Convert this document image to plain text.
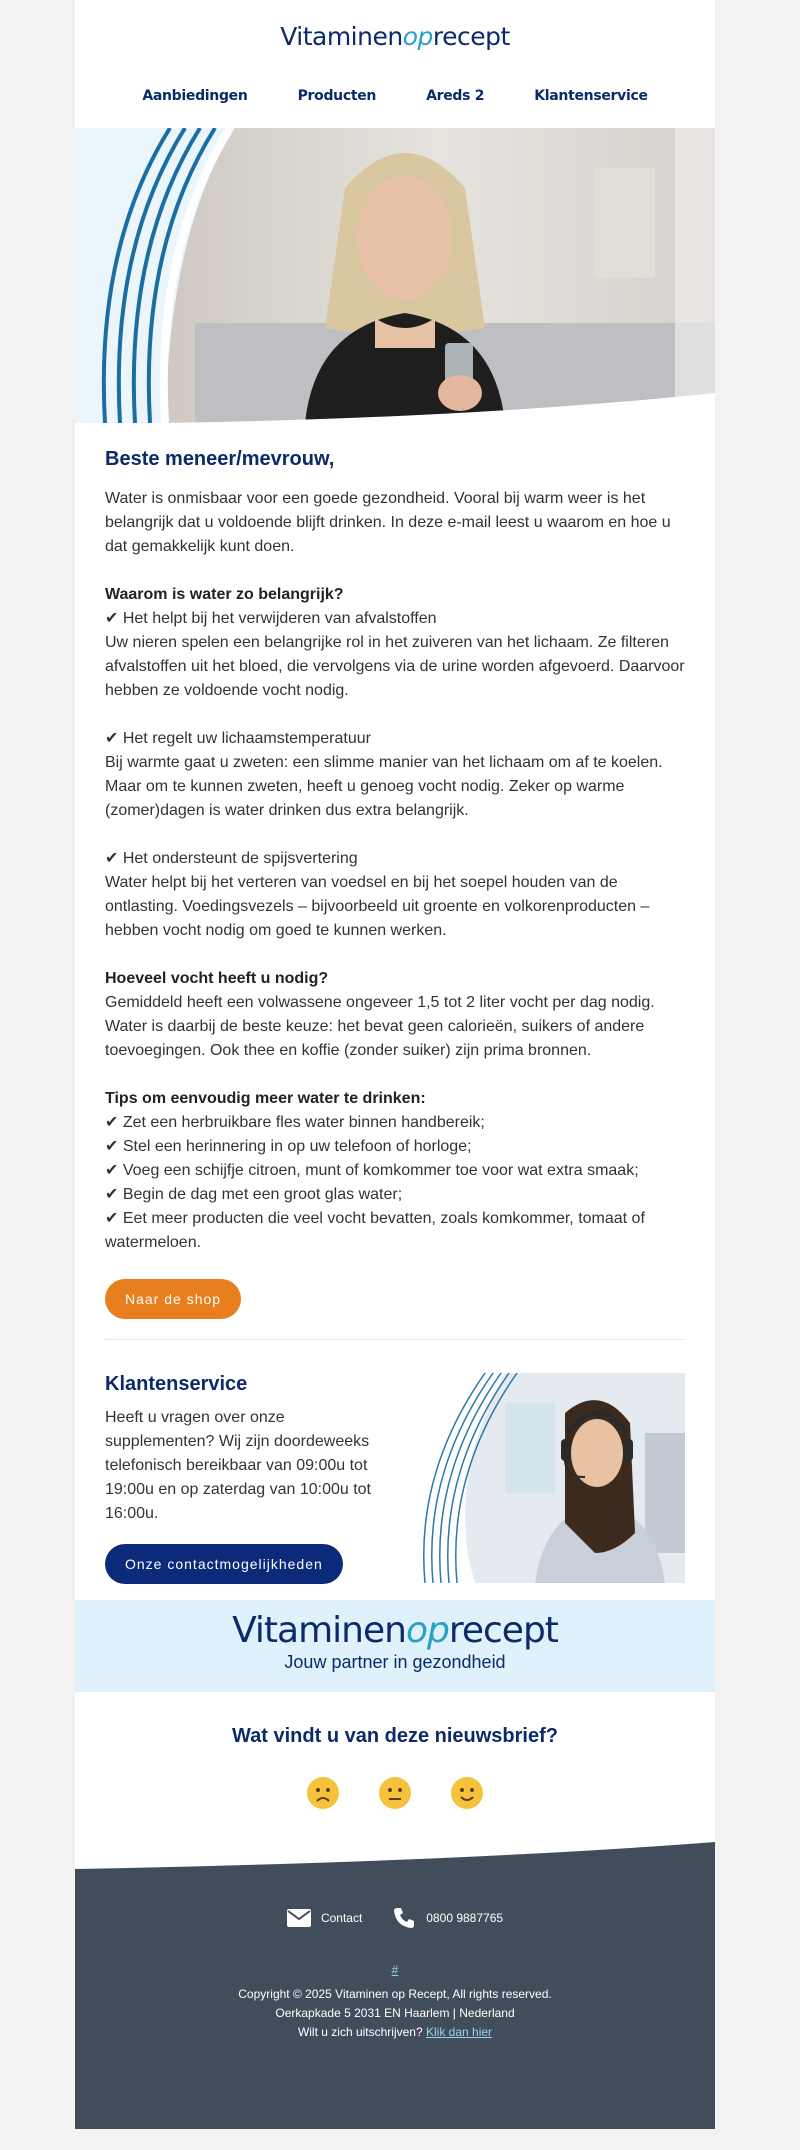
Vitaminenoprecept
Aanbiedingen	Producten	Areds 2	Klantenservice
Beste meneer/mevrouw,

Water is onmisbaar voor een goede gezondheid. Vooral bij warm weer is het belangrijk dat u voldoende blijft drinken. In deze e-mail leest u waarom en hoe u dat gemakkelijk kunt doen.

Waarom is water zo belangrijk?
✔ Het helpt bij het verwijderen van afvalstoffen
Uw nieren spelen een belangrijke rol in het zuiveren van het lichaam. Ze filteren afvalstoffen uit het bloed, die vervolgens via de urine worden afgevoerd. Daarvoor hebben ze voldoende vocht nodig.

✔ Het regelt uw lichaamstemperatuur
Bij warmte gaat u zweten: een slimme manier van het lichaam om af te koelen. Maar om te kunnen zweten, heeft u genoeg vocht nodig. Zeker op warme (zomer)dagen is water drinken dus extra belangrijk.

✔ Het ondersteunt de spijsvertering
Water helpt bij het verteren van voedsel en bij het soepel houden van de ontlasting. Voedingsvezels – bijvoorbeeld uit groente en volkorenproducten – hebben vocht nodig om goed te kunnen werken.

Hoeveel vocht heeft u nodig?
Gemiddeld heeft een volwassene ongeveer 1,5 tot 2 liter vocht per dag nodig. Water is daarbij de beste keuze: het bevat geen calorieën, suikers of andere toevoegingen. Ook thee en koffie (zonder suiker) zijn prima bronnen.

Tips om eenvoudig meer water te drinken:
✔ Zet een herbruikbare fles water binnen handbereik;
✔ Stel een herinnering in op uw telefoon of horloge;
✔ Voeg een schijfje citroen, munt of komkommer toe voor wat extra smaak;
✔ Begin de dag met een groot glas water;
✔ Eet meer producten die veel vocht bevatten, zoals komkommer, tomaat of watermeloen.

Naar de shop
Klantenservice

Heeft u vragen over onze supplementen? Wij zijn doordeweeks telefonisch bereikbaar van 09:00u tot 19:00u en op zaterdag van 10:00u tot 16:00u.

Onze contactmogelijkheden
Vitaminenoprecept
Jouw partner in gezondheid
Wat vindt u van deze nieuwsbrief?
Contact	0800 9887765
#
Copyright © 2025 Vitaminen op Recept, All rights reserved.
Oerkapkade 5 2031 EN Haarlem | Nederland
Wilt u zich uitschrijven? Klik dan hier
